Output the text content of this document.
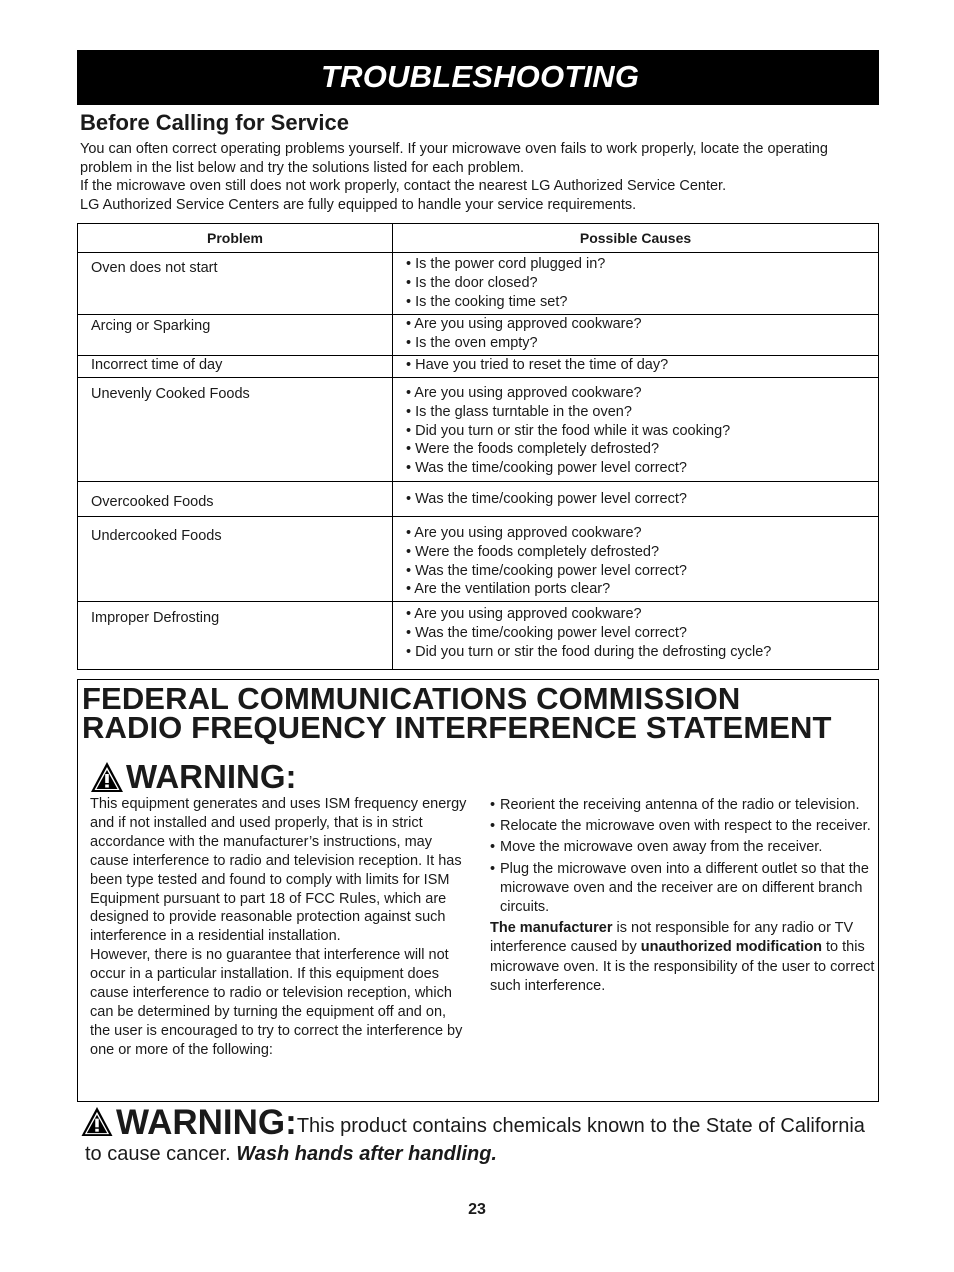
TROUBLESHOOTING
Before Calling for Service

You can often correct operating problems yourself. If your microwave oven fails to work properly, locate the operating problem in the list below and try the solutions listed for each problem.

If the microwave oven still does not work properly, contact the nearest LG Authorized Service Center.

LG Authorized Service Centers are fully equipped to handle your service requirements.

Problem	Possible Causes
Oven does not start	• Is the power cord plugged in?
• Is the door closed?
• Is the cooking time set?

Arcing or Sparking	• Are you using approved cookware?
• Is the oven empty?

Incorrect time of day	• Have you tried to reset the time of day?

Unevenly Cooked Foods	• Are you using approved cookware?
• Is the glass turntable in the oven?
• Did you turn or stir the food while it was cooking?
• Were the foods completely defrosted?
• Was the time/cooking power level correct?

Overcooked Foods	• Was the time/cooking power level correct?

Undercooked Foods	• Are you using approved cookware?
• Were the foods completely defrosted?
• Was the time/cooking power level correct?
• Are the ventilation ports clear?

Improper Defrosting	• Are you using approved cookware?
• Was the time/cooking power level correct?
• Did you turn or stir the food during the defrosting cycle?
FEDERAL COMMUNICATIONS COMMISSION
RADIO FREQUENCY INTERFERENCE STATEMENT
WARNING:

This equipment generates and uses ISM frequency energy and if not installed and used properly, that is in strict accordance with the manufacturer’s instructions, may cause interference to radio and television reception. It has been type tested and found to comply with limits for ISM Equipment pursuant to part 18 of FCC Rules, which are designed to provide reasonable protection against such interference in a residential installation.

However, there is no guarantee that interference will not occur in a particular installation. If this equipment does cause interference to radio or television reception, which can be determined by turning the equipment off and on, the user is encouraged to try to correct the interference by one or more of the following:

• Reorient the receiving antenna of the radio or television.
• Relocate the microwave oven with respect to the receiver.
• Move the microwave oven away from the receiver.
• Plug the microwave oven into a different outlet so that the microwave oven and the receiver are on different branch circuits.

The manufacturer is not responsible for any radio or TV interference caused by unauthorized modification to this microwave oven. It is the responsibility of the user to correct such interference.

WARNING: This product contains chemicals known to the State of California
to cause cancer. Wash hands after handling.
23
